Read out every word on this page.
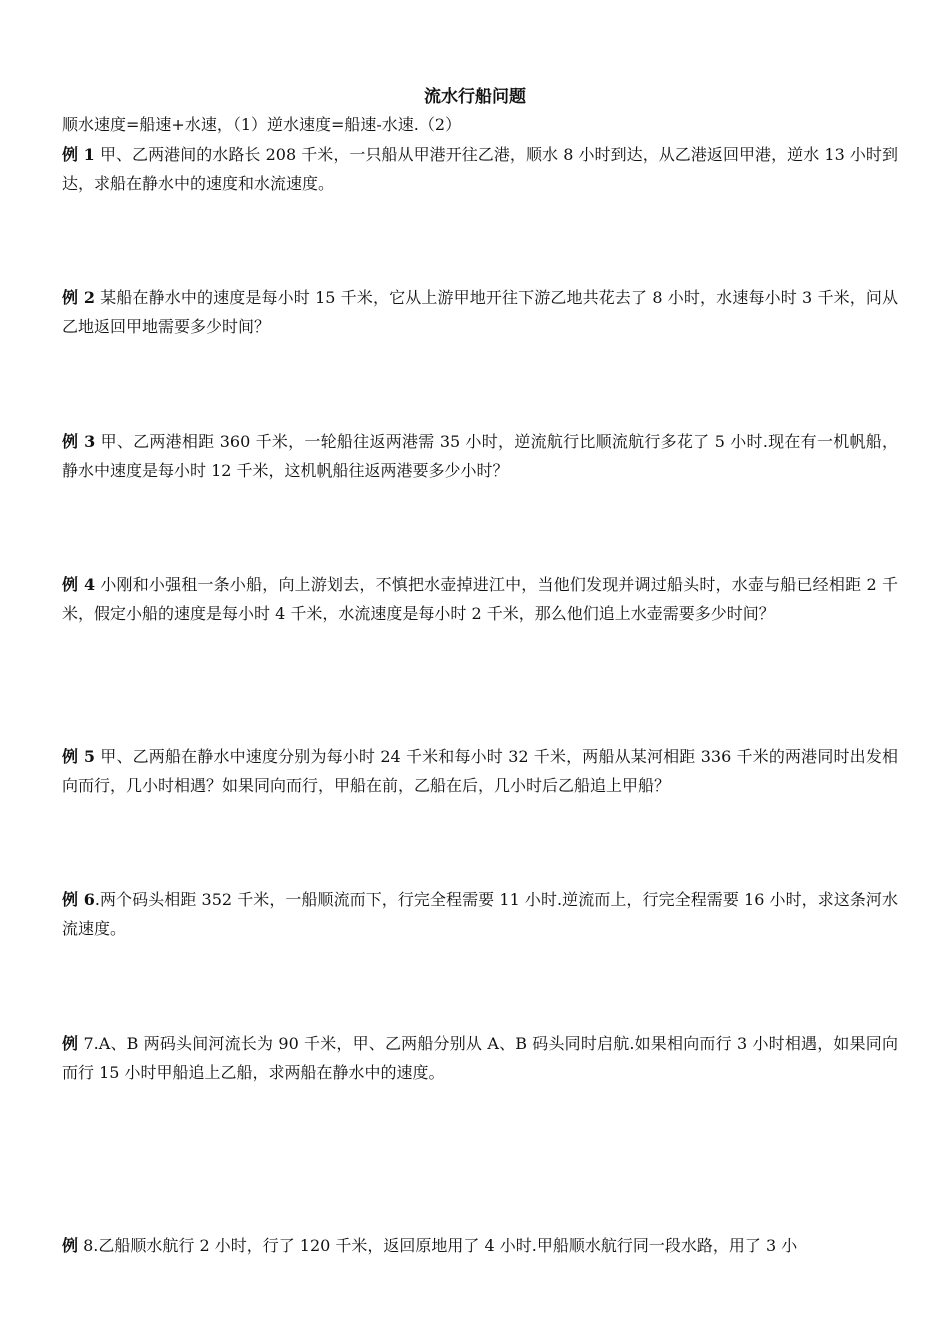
流水行船问题
顺水速度=船速+水速，（1）逆水速度=船速-水速.（2）
例 1 甲、乙两港间的水路长 208 千米，一只船从甲港开往乙港，顺水 8 小时到达，从乙港返回甲港，逆水 13 小时到达，求船在静水中的速度和水流速度。
例 2 某船在静水中的速度是每小时 15 千米，它从上游甲地开往下游乙地共花去了 8 小时，水速每小时 3 千米，问从乙地返回甲地需要多少时间？
例 3 甲、乙两港相距 360 千米，一轮船往返两港需 35 小时，逆流航行比顺流航行多花了 5 小时.现在有一机帆船，静水中速度是每小时 12 千米，这机帆船往返两港要多少小时？
例 4 小刚和小强租一条小船，向上游划去，不慎把水壶掉进江中，当他们发现并调过船头时，水壶与船已经相距 2 千米，假定小船的速度是每小时 4 千米，水流速度是每小时 2 千米，那么他们追上水壶需要多少时间？
例 5 甲、乙两船在静水中速度分别为每小时 24 千米和每小时 32 千米，两船从某河相距 336 千米的两港同时出发相向而行，几小时相遇？如果同向而行，甲船在前，乙船在后，几小时后乙船追上甲船？
例 6.两个码头相距 352 千米，一船顺流而下，行完全程需要 11 小时.逆流而上，行完全程需要 16 小时，求这条河水流速度。
例 7.A、B 两码头间河流长为 90 千米，甲、乙两船分别从 A、B 码头同时启航.如果相向而行 3 小时相遇，如果同向而行 15 小时甲船追上乙船，求两船在静水中的速度。
例 8.乙船顺水航行 2 小时，行了 120 千米，返回原地用了 4 小时.甲船顺水航行同一段水路，用了 3 小
